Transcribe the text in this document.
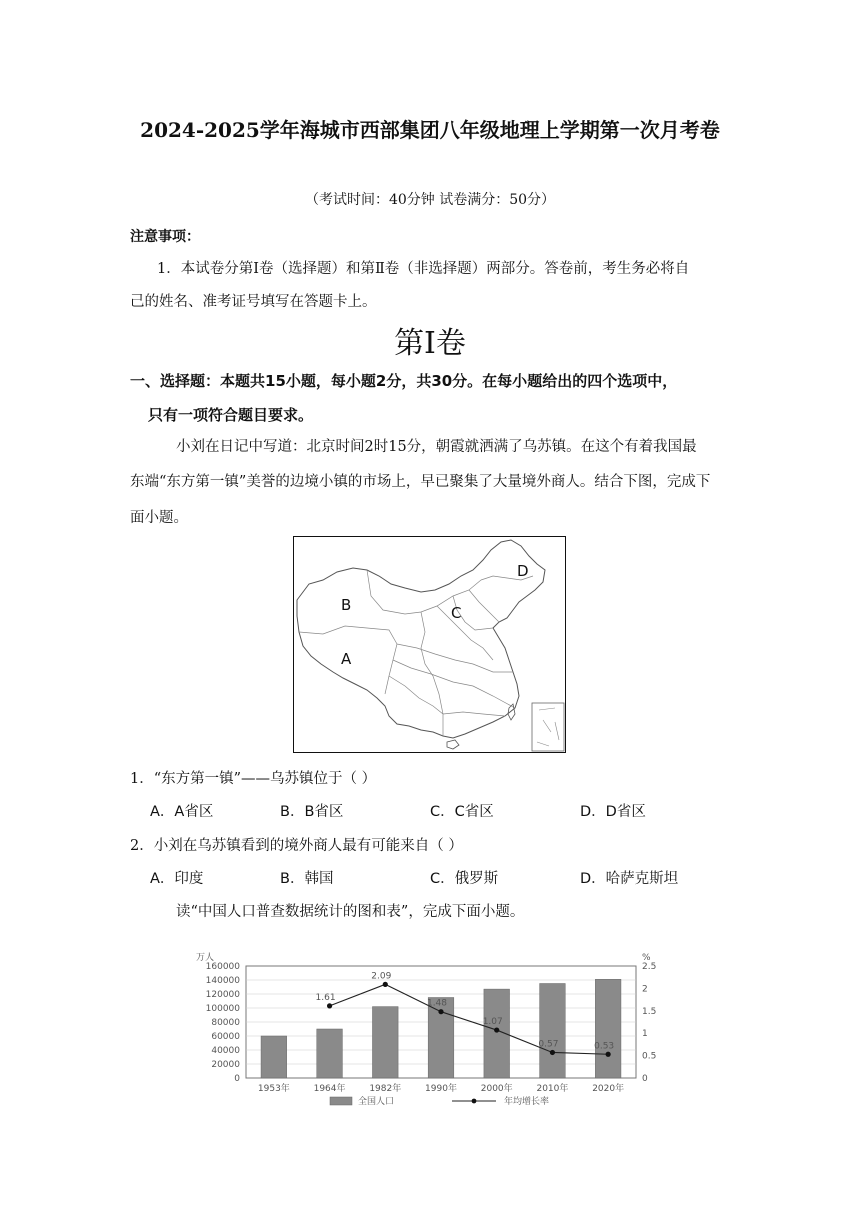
2024-2025学年海城市西部集团八年级地理上学期第一次月考卷
（考试时间：40分钟 试卷满分：50分）
注意事项：
1．本试卷分第Ⅰ卷（选择题）和第Ⅱ卷（非选择题）两部分。答卷前，考生务必将自
己的姓名、准考证号填写在答题卡上。
第Ⅰ卷
一、选择题：本题共15小题，每小题2分，共30分。在每小题给出的四个选项中，
只有一项符合题目要求。
小刘在日记中写道：北京时间2时15分，朝霞就洒满了乌苏镇。在这个有着我国最
东端“东方第一镇”美誉的边境小镇的市场上，早已聚集了大量境外商人。结合下图，完成下
面小题。
A
B	C
D
1．“东方第一镇”——乌苏镇位于（ ）
A．A省区	B．B省区	C．C省区	D．D省区
2．小刘在乌苏镇看到的境外商人最有可能来自（ ）
A．印度	B．韩国	C．俄罗斯	D．哈萨克斯坦
读“中国人口普查数据统计的图和表”，完成下面小题。
0
20000
40000
60000
80000
100000
120000
140000
160000
0
0.5
1
1.5
2
2.5
万人	%
1953年	1964年	1982年	1990年	2000年	2010年	2020年
1.61
2.09
1.48
1.07
0.57	0.53
全国人口	年均增长率
